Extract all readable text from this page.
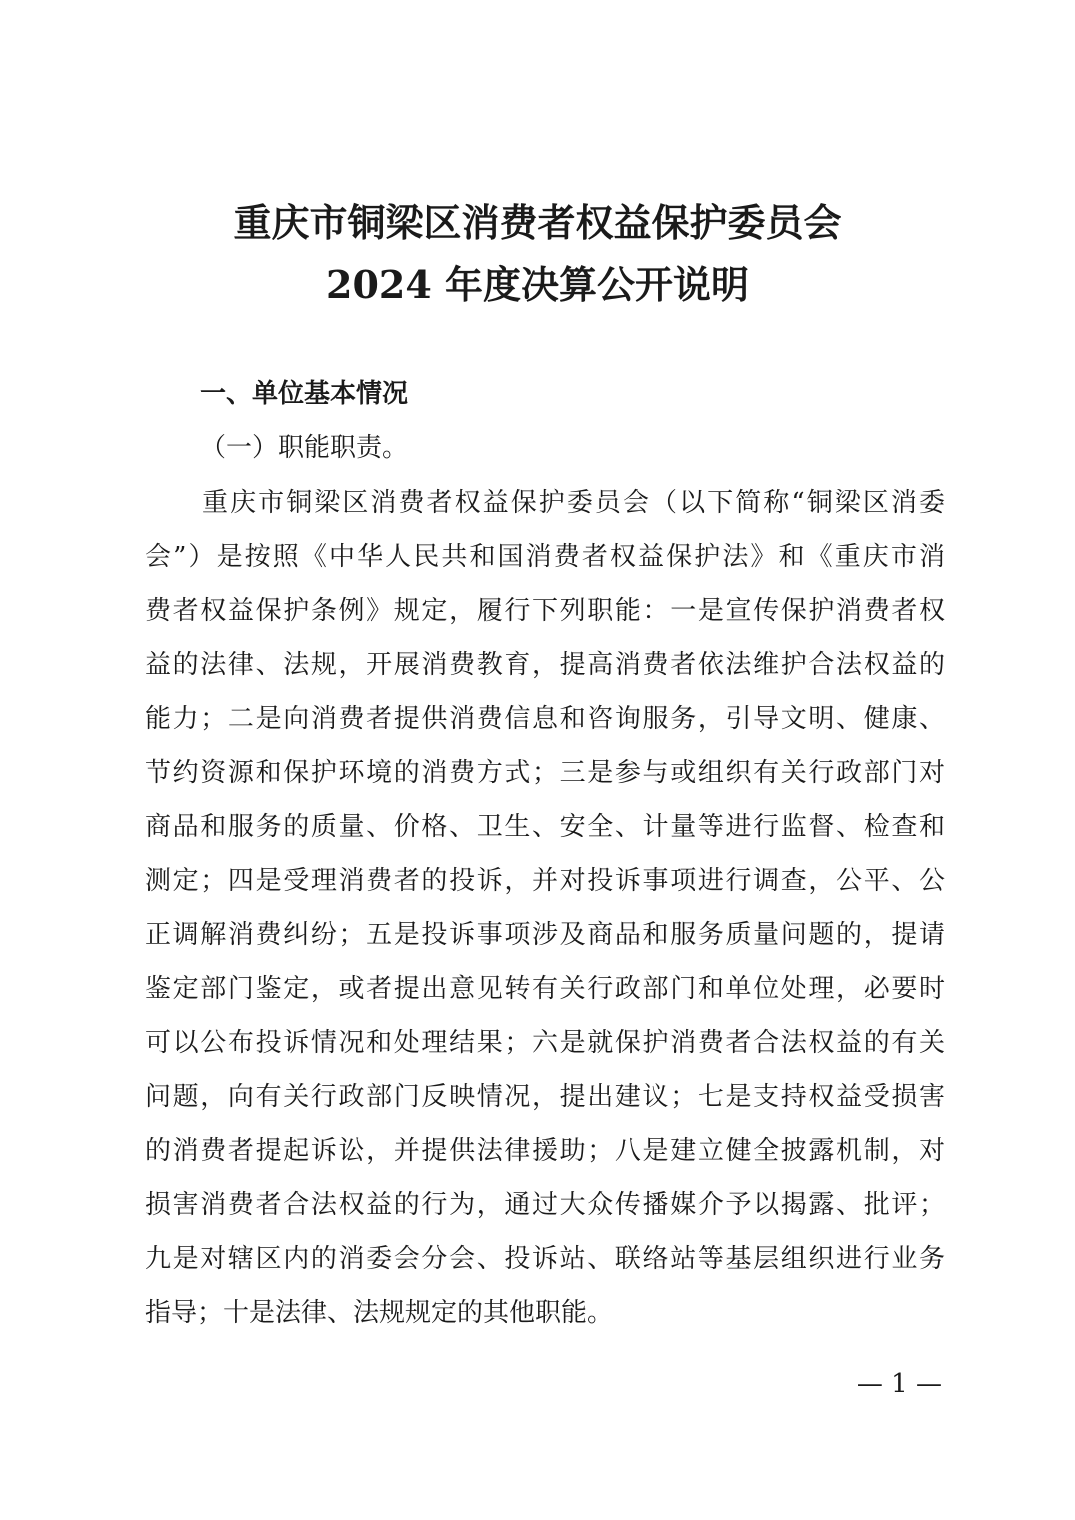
重庆市铜梁区消费者权益保护委员会
2024 年度决算公开说明
一、单位基本情况
（一）职能职责。
重庆市铜梁区消费者权益保护委员会（以下简称“铜梁区消委
会”）是按照《中华人民共和国消费者权益保护法》和《重庆市消
费者权益保护条例》规定，履行下列职能：一是宣传保护消费者权
益的法律、法规，开展消费教育，提高消费者依法维护合法权益的
能力；二是向消费者提供消费信息和咨询服务，引导文明、健康、
节约资源和保护环境的消费方式；三是参与或组织有关行政部门对
商品和服务的质量、价格、卫生、安全、计量等进行监督、检查和
测定；四是受理消费者的投诉，并对投诉事项进行调查，公平、公
正调解消费纠纷；五是投诉事项涉及商品和服务质量问题的，提请
鉴定部门鉴定，或者提出意见转有关行政部门和单位处理，必要时
可以公布投诉情况和处理结果；六是就保护消费者合法权益的有关
问题，向有关行政部门反映情况，提出建议；七是支持权益受损害
的消费者提起诉讼，并提供法律援助；八是建立健全披露机制，对
损害消费者合法权益的行为，通过大众传播媒介予以揭露、批评；
九是对辖区内的消委会分会、投诉站、联络站等基层组织进行业务
指导；十是法律、法规规定的其他职能。
— 1 —
